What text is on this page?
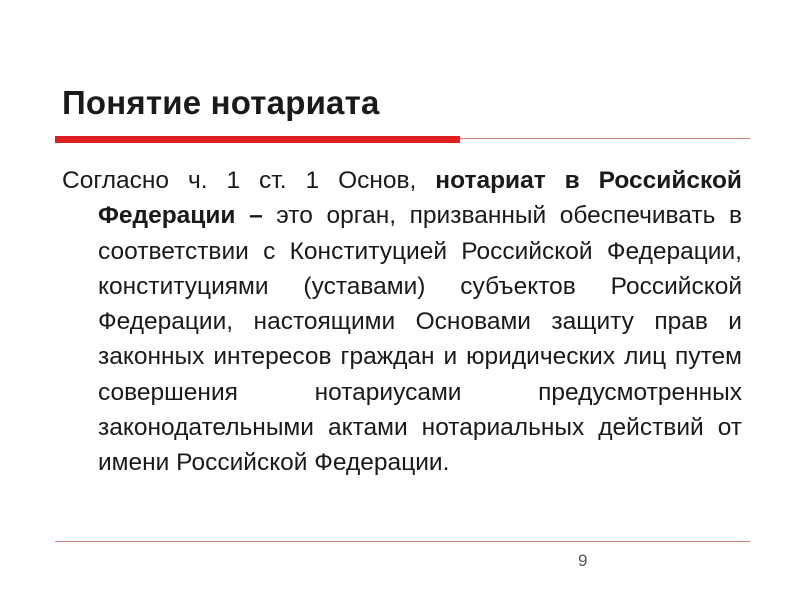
Понятие нотариата

Согласно ч. 1 ст. 1 Основ, нотариат в Российской Федерации – это орган, призванный обеспечивать в соответствии с Конституцией Российской Федерации, конституциями (уставами) субъектов Российской Федерации, настоящими Основами защиту прав и законных интересов граждан и юридических лиц путем совершения нотариусами предусмотренных законодательными актами нотариальных действий от имени Российской Федерации.

9
